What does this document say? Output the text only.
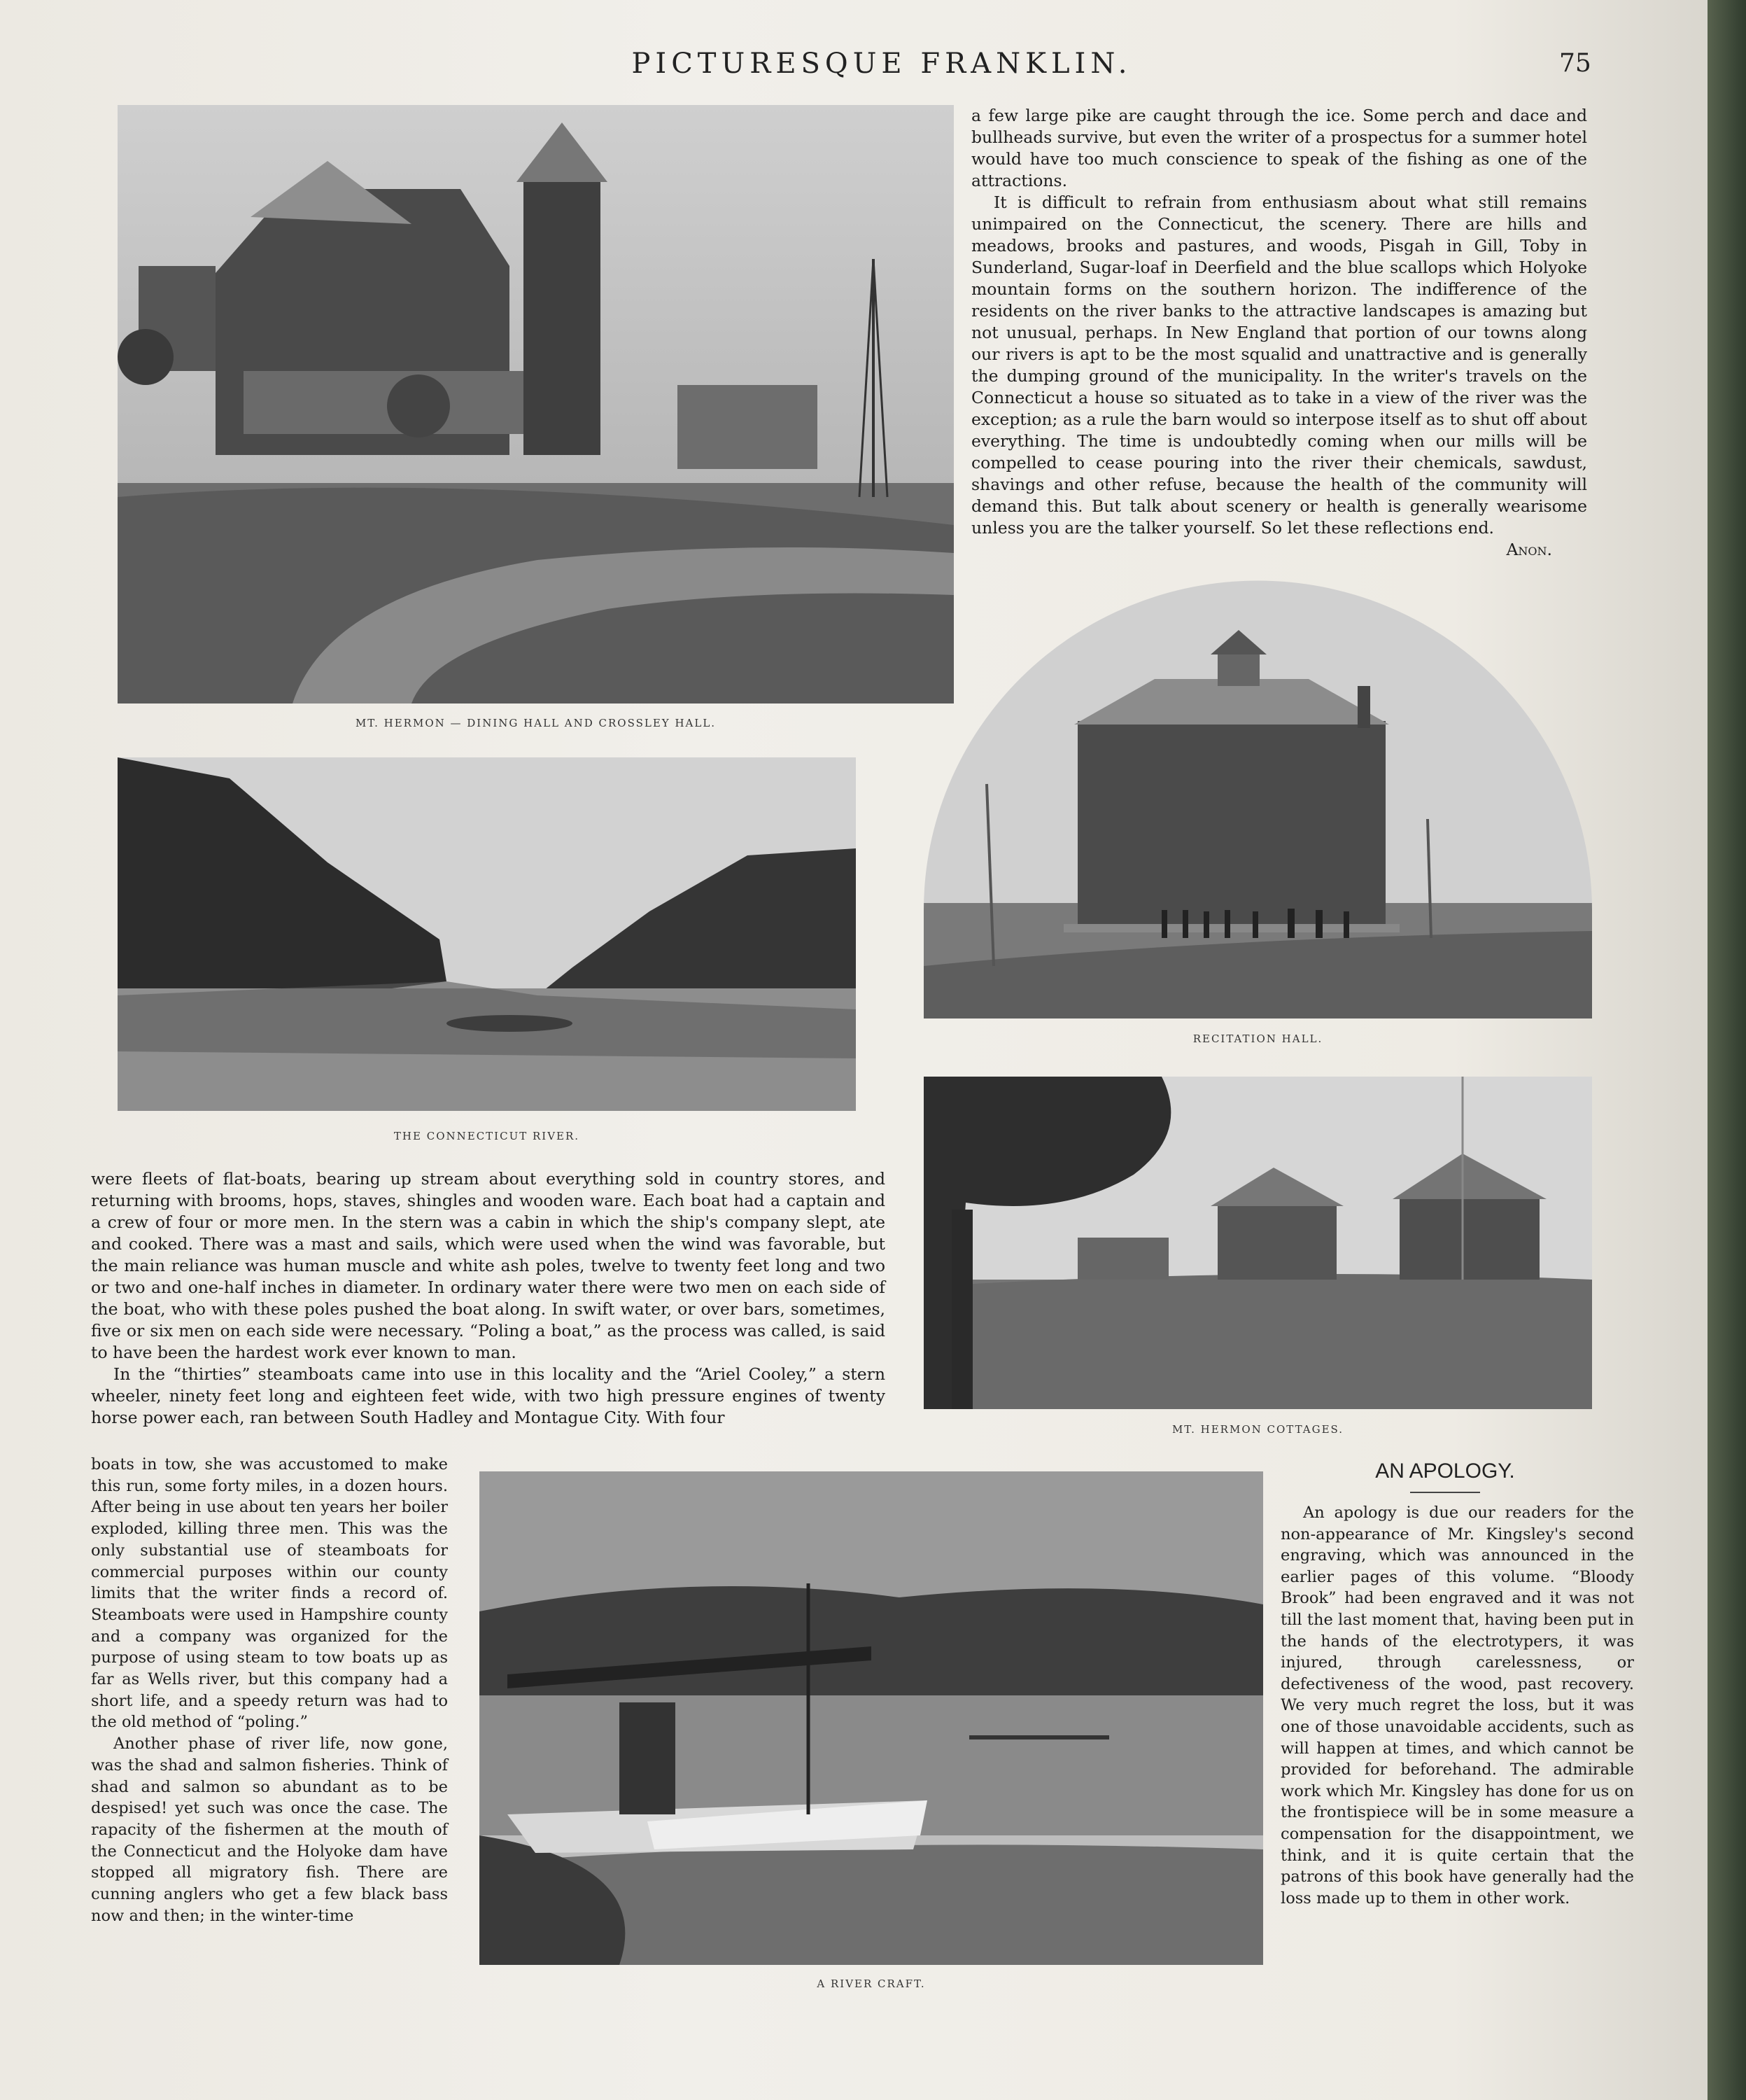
PICTURESQUE FRANKLIN.	75
MT. HERMON — DINING HALL AND CROSSLEY HALL.

a few large pike are caught through the ice. Some perch and dace and bullheads survive, but even the writer of a prospectus for a summer hotel would have too much conscience to speak of the fishing as one of the attractions.

It is difficult to refrain from enthusiasm about what still remains unimpaired on the Connecticut, the scenery. There are hills and meadows, brooks and pastures, and woods, Pisgah in Gill, Toby in Sunderland, Sugar-loaf in Deerfield and the blue scallops which Holyoke mountain forms on the southern horizon. The indifference of the residents on the river banks to the attractive landscapes is amazing but not unusual, perhaps. In New England that portion of our towns along our rivers is apt to be the most squalid and unattractive and is generally the dumping ground of the municipality. In the writer's travels on the Connecticut a house so situated as to take in a view of the river was the exception; as a rule the barn would so interpose itself as to shut off about everything. The time is undoubtedly coming when our mills will be compelled to cease pouring into the river their chemicals, sawdust, shavings and other refuse, because the health of the community will demand this. But talk about scenery or health is generally wearisome unless you are the talker yourself. So let these reflections end.

Anon.
THE CONNECTICUT RIVER.
RECITATION HALL.
MT. HERMON COTTAGES.

were fleets of flat-boats, bearing up stream about everything sold in country stores, and returning with brooms, hops, staves, shingles and wooden ware. Each boat had a captain and a crew of four or more men. In the stern was a cabin in which the ship's company slept, ate and cooked. There was a mast and sails, which were used when the wind was favorable, but the main reliance was human muscle and white ash poles, twelve to twenty feet long and two or two and one-half inches in diameter. In ordinary water there were two men on each side of the boat, who with these poles pushed the boat along. In swift water, or over bars, sometimes, five or six men on each side were necessary. “Poling a boat,” as the process was called, is said to have been the hardest work ever known to man.

In the “thirties” steamboats came into use in this locality and the “Ariel Cooley,” a stern wheeler, ninety feet long and eighteen feet wide, with two high pressure engines of twenty horse power each, ran between South Hadley and Montague City. With four

boats in tow, she was accustomed to make this run, some forty miles, in a dozen hours. After being in use about ten years her boiler exploded, killing three men. This was the only substantial use of steamboats for commercial purposes within our county limits that the writer finds a record of. Steamboats were used in Hampshire county and a company was organized for the purpose of using steam to tow boats up as far as Wells river, but this company had a short life, and a speedy return was had to the old method of “poling.”

Another phase of river life, now gone, was the shad and salmon fisheries. Think of shad and salmon so abundant as to be despised! yet such was once the case. The rapacity of the fishermen at the mouth of the Connecticut and the Holyoke dam have stopped all migratory fish. There are cunning anglers who get a few black bass now and then; in the winter-time

A RIVER CRAFT.
AN APOLOGY.

An apology is due our readers for the non-appearance of Mr. Kingsley's second engraving, which was announced in the earlier pages of this volume. “Bloody Brook” had been engraved and it was not till the last moment that, having been put in the hands of the electrotypers, it was injured, through carelessness, or defectiveness of the wood, past recovery. We very much regret the loss, but it was one of those unavoidable accidents, such as will happen at times, and which cannot be provided for beforehand. The admirable work which Mr. Kingsley has done for us on the frontispiece will be in some measure a compensation for the disappointment, we think, and it is quite certain that the patrons of this book have generally had the loss made up to them in other work.
